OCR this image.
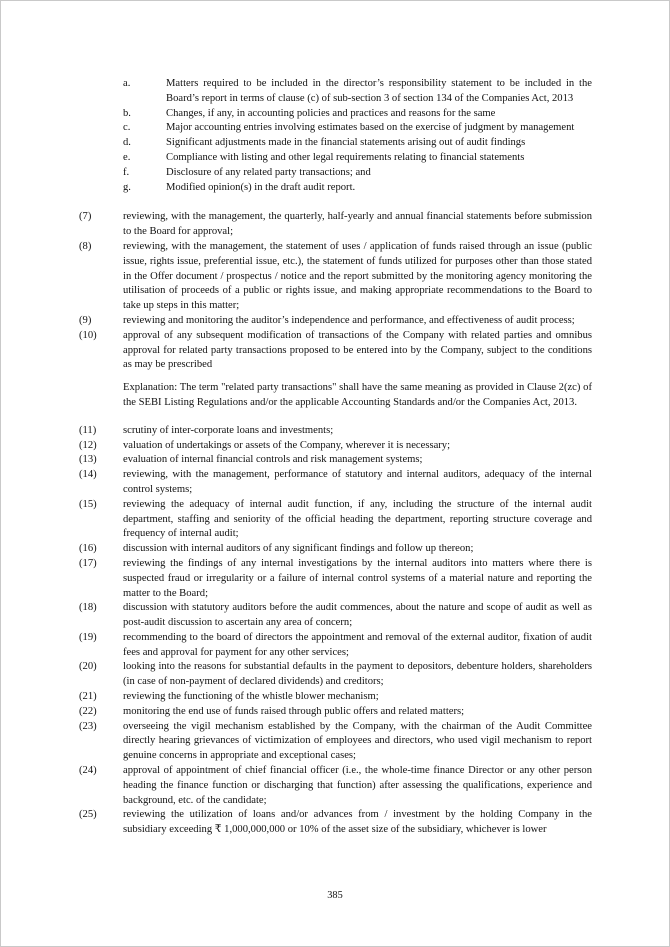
a.	Matters required to be included in the director’s responsibility statement to be included in the Board’s report in terms of clause (c) of sub-section 3 of section 134 of the Companies Act, 2013
b.	Changes, if any, in accounting policies and practices and reasons for the same
c.	Major accounting entries involving estimates based on the exercise of judgment by management
d.	Significant adjustments made in the financial statements arising out of audit findings
e.	Compliance with listing and other legal requirements relating to financial statements
f.	Disclosure of any related party transactions; and
g.	Modified opinion(s) in the draft audit report.
(7)	reviewing, with the management, the quarterly, half-yearly and annual financial statements before submission to the Board for approval;
(8)	reviewing, with the management, the statement of uses / application of funds raised through an issue (public issue, rights issue, preferential issue, etc.), the statement of funds utilized for purposes other than those stated in the Offer document / prospectus / notice and the report submitted by the monitoring agency monitoring the utilisation of proceeds of a public or rights issue, and making appropriate recommendations to the Board to take up steps in this matter;
(9)	reviewing and monitoring the auditor’s independence and performance, and effectiveness of audit process;
(10)	approval of any subsequent modification of transactions of the Company with related parties and omnibus approval for related party transactions proposed to be entered into by the Company, subject to the conditions as may be prescribed
Explanation: The term "related party transactions" shall have the same meaning as provided in Clause 2(zc) of the SEBI Listing Regulations and/or the applicable Accounting Standards and/or the Companies Act, 2013.
(11)	scrutiny of inter-corporate loans and investments;
(12)	valuation of undertakings or assets of the Company, wherever it is necessary;
(13)	evaluation of internal financial controls and risk management systems;
(14)	reviewing, with the management, performance of statutory and internal auditors, adequacy of the internal control systems;
(15)	reviewing the adequacy of internal audit function, if any, including the structure of the internal audit department, staffing and seniority of the official heading the department, reporting structure coverage and frequency of internal audit;
(16)	discussion with internal auditors of any significant findings and follow up thereon;
(17)	reviewing the findings of any internal investigations by the internal auditors into matters where there is suspected fraud or irregularity or a failure of internal control systems of a material nature and reporting the matter to the Board;
(18)	discussion with statutory auditors before the audit commences, about the nature and scope of audit as well as post-audit discussion to ascertain any area of concern;
(19)	recommending to the board of directors the appointment and removal of the external auditor, fixation of audit fees and approval for payment for any other services;
(20)	looking into the reasons for substantial defaults in the payment to depositors, debenture holders, shareholders (in case of non-payment of declared dividends) and creditors;
(21)	reviewing the functioning of the whistle blower mechanism;
(22)	monitoring the end use of funds raised through public offers and related matters;
(23)	overseeing the vigil mechanism established by the Company, with the chairman of the Audit Committee directly hearing grievances of victimization of employees and directors, who used vigil mechanism to report genuine concerns in appropriate and exceptional cases;
(24)	approval of appointment of chief financial officer (i.e., the whole-time finance Director or any other person heading the finance function or discharging that function) after assessing the qualifications, experience and background, etc. of the candidate;
(25)	reviewing the utilization of loans and/or advances from / investment by the holding Company in the subsidiary exceeding ₹ 1,000,000,000 or 10% of the asset size of the subsidiary, whichever is lower
385
